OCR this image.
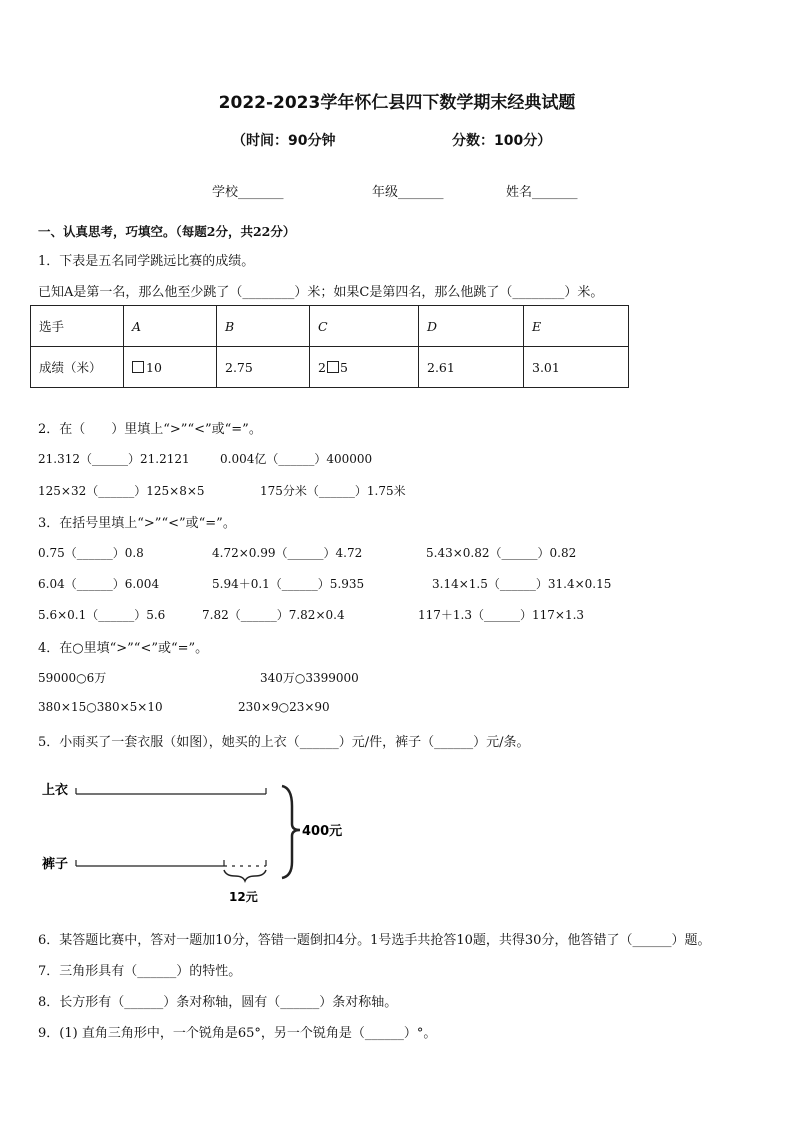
2022-2023学年怀仁县四下数学期末经典试题
（时间：90分钟	分数：100分）
学校_______	年级_______	姓名_______
一、认真思考，巧填空。（每题2分，共22分）
1．下表是五名同学跳远比赛的成绩。
已知A是第一名，那么他至少跳了（________）米；如果C是第四名，那么他跳了（________）米。
选手	A	B	C	D	E
成绩（米）	10	2.75	2 5	2.61	3.01
2．在（　　）里填上“>”“<”或“=”。
21.312（______）21.2121	0.004亿（______）400000
125×32（______）125×8×5	175分米（______）1.75米
3．在括号里填上“>”“<”或“=”。
0.75（______）0.8	4.72×0.99（______）4.72	5.43×0.82（______）0.82
6.04（______）6.004	5.94＋0.1（______）5.935	3.14×1.5（______）31.4×0.15
5.6×0.1（______）5.6	7.82（______）7.82×0.4	117＋1.3（______）117×1.3
4．在○里填“>”“<”或“=”。
59000○6万	340万○3399000
380×15○380×5×10	230×9○23×90
5．小雨买了一套衣服（如图），她买的上衣（______）元/件，裤子（______）元/条。
上衣
裤子
12元
400元
6．某答题比赛中，答对一题加10分，答错一题倒扣4分。1号选手共抢答10题，共得30分，他答错了（______）题。
7．三角形具有（______）的特性。
8．长方形有（______）条对称轴，圆有（______）条对称轴。
9．(1) 直角三角形中，一个锐角是65°，另一个锐角是（______）°。
